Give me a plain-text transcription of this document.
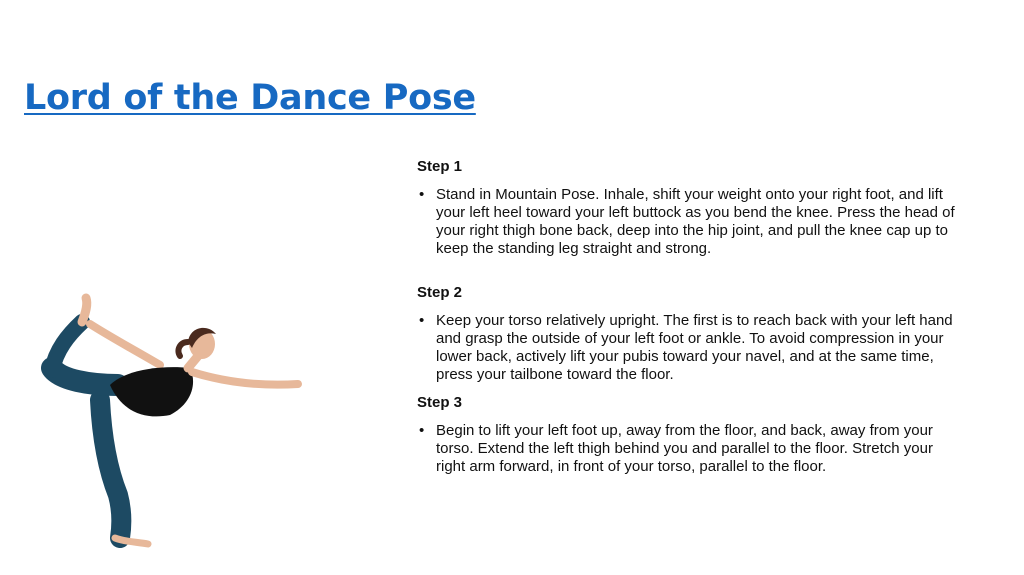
Lord of the Dance Pose

Step 1

• Stand in Mountain Pose. Inhale, shift your weight onto your right foot, and lift your left heel toward your left buttock as you bend the knee. Press the head of your right thigh bone back, deep into the hip joint, and pull the knee cap up to keep the standing leg straight and strong.

Step 2

• Keep your torso relatively upright. The first is to reach back with your left hand and grasp the outside of your left foot or ankle. To avoid compression in your lower back, actively lift your pubis toward your navel, and at the same time, press your tailbone toward the floor.

Step 3

• Begin to lift your left foot up, away from the floor, and back, away from your torso. Extend the left thigh behind you and parallel to the floor. Stretch your right arm forward, in front of your torso, parallel to the floor.
